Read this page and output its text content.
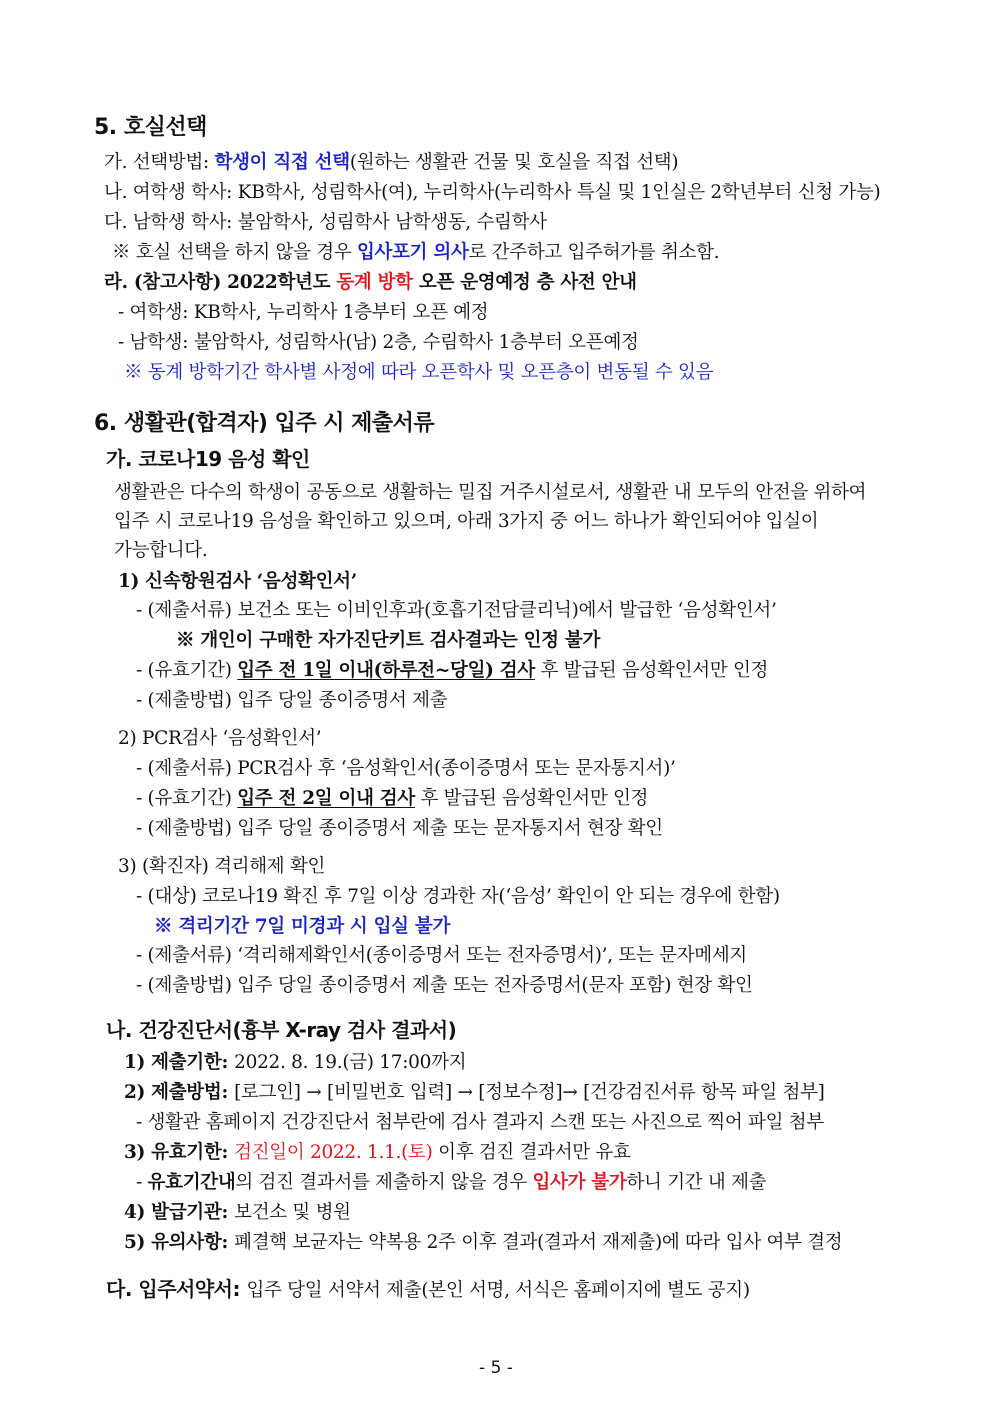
5. 호실선택
가. 선택방법: 학생이 직접 선택(원하는 생활관 건물 및 호실을 직접 선택)
나. 여학생 학사: KB학사, 성림학사(여), 누리학사(누리학사 특실 및 1인실은 2학년부터 신청 가능)
다. 남학생 학사: 불암학사, 성림학사 남학생동, 수림학사
※ 호실 선택을 하지 않을 경우 입사포기 의사로 간주하고 입주허가를 취소함.
라. (참고사항) 2022학년도 동계 방학 오픈 운영예정 층 사전 안내
- 여학생: KB학사, 누리학사 1층부터 오픈 예정
- 남학생: 불암학사, 성림학사(남) 2층, 수림학사 1층부터 오픈예정
※ 동계 방학기간 학사별 사정에 따라 오픈학사 및 오픈층이 변동될 수 있음
6. 생활관(합격자) 입주 시 제출서류
가. 코로나19 음성 확인
생활관은 다수의 학생이 공동으로 생활하는 밀집 거주시설로서, 생활관 내 모두의 안전을 위하여
입주 시 코로나19 음성을 확인하고 있으며, 아래 3가지 중 어느 하나가 확인되어야 입실이
가능합니다.
1) 신속항원검사 ‘음성확인서’
- (제출서류) 보건소 또는 이비인후과(호흡기전담클리닉)에서 발급한 ‘음성확인서’
※ 개인이 구매한 자가진단키트 검사결과는 인정 불가
- (유효기간) 입주 전 1일 이내(하루전~당일) 검사 후 발급된 음성확인서만 인정
- (제출방법) 입주 당일 종이증명서 제출
2) PCR검사 ‘음성확인서’
- (제출서류) PCR검사 후 ‘음성확인서(종이증명서 또는 문자통지서)’
- (유효기간) 입주 전 2일 이내 검사 후 발급된 음성확인서만 인정
- (제출방법) 입주 당일 종이증명서 제출 또는 문자통지서 현장 확인
3) (확진자) 격리해제 확인
- (대상) 코로나19 확진 후 7일 이상 경과한 자(‘음성’ 확인이 안 되는 경우에 한함)
※ 격리기간 7일 미경과 시 입실 불가
- (제출서류) ‘격리해제확인서(종이증명서 또는 전자증명서)’, 또는 문자메세지
- (제출방법) 입주 당일 종이증명서 제출 또는 전자증명서(문자 포함) 현장 확인
나. 건강진단서(흉부 X-ray 검사 결과서)
1) 제출기한: 2022. 8. 19.(금) 17:00까지
2) 제출방법: [로그인] → [비밀번호 입력] → [정보수정]→ [건강검진서류 항목 파일 첨부]
- 생활관 홈페이지 건강진단서 첨부란에 검사 결과지 스캔 또는 사진으로 찍어 파일 첨부
3) 유효기한: 검진일이 2022. 1.1.(토) 이후 검진 결과서만 유효
- 유효기간내의 검진 결과서를 제출하지 않을 경우 입사가 불가하니 기간 내 제출
4) 발급기관: 보건소 및 병원
5) 유의사항: 폐결핵 보균자는 약복용 2주 이후 결과(결과서 재제출)에 따라 입사 여부 결정
다. 입주서약서: 입주 당일 서약서 제출(본인 서명, 서식은 홈페이지에 별도 공지)
- 5 -
